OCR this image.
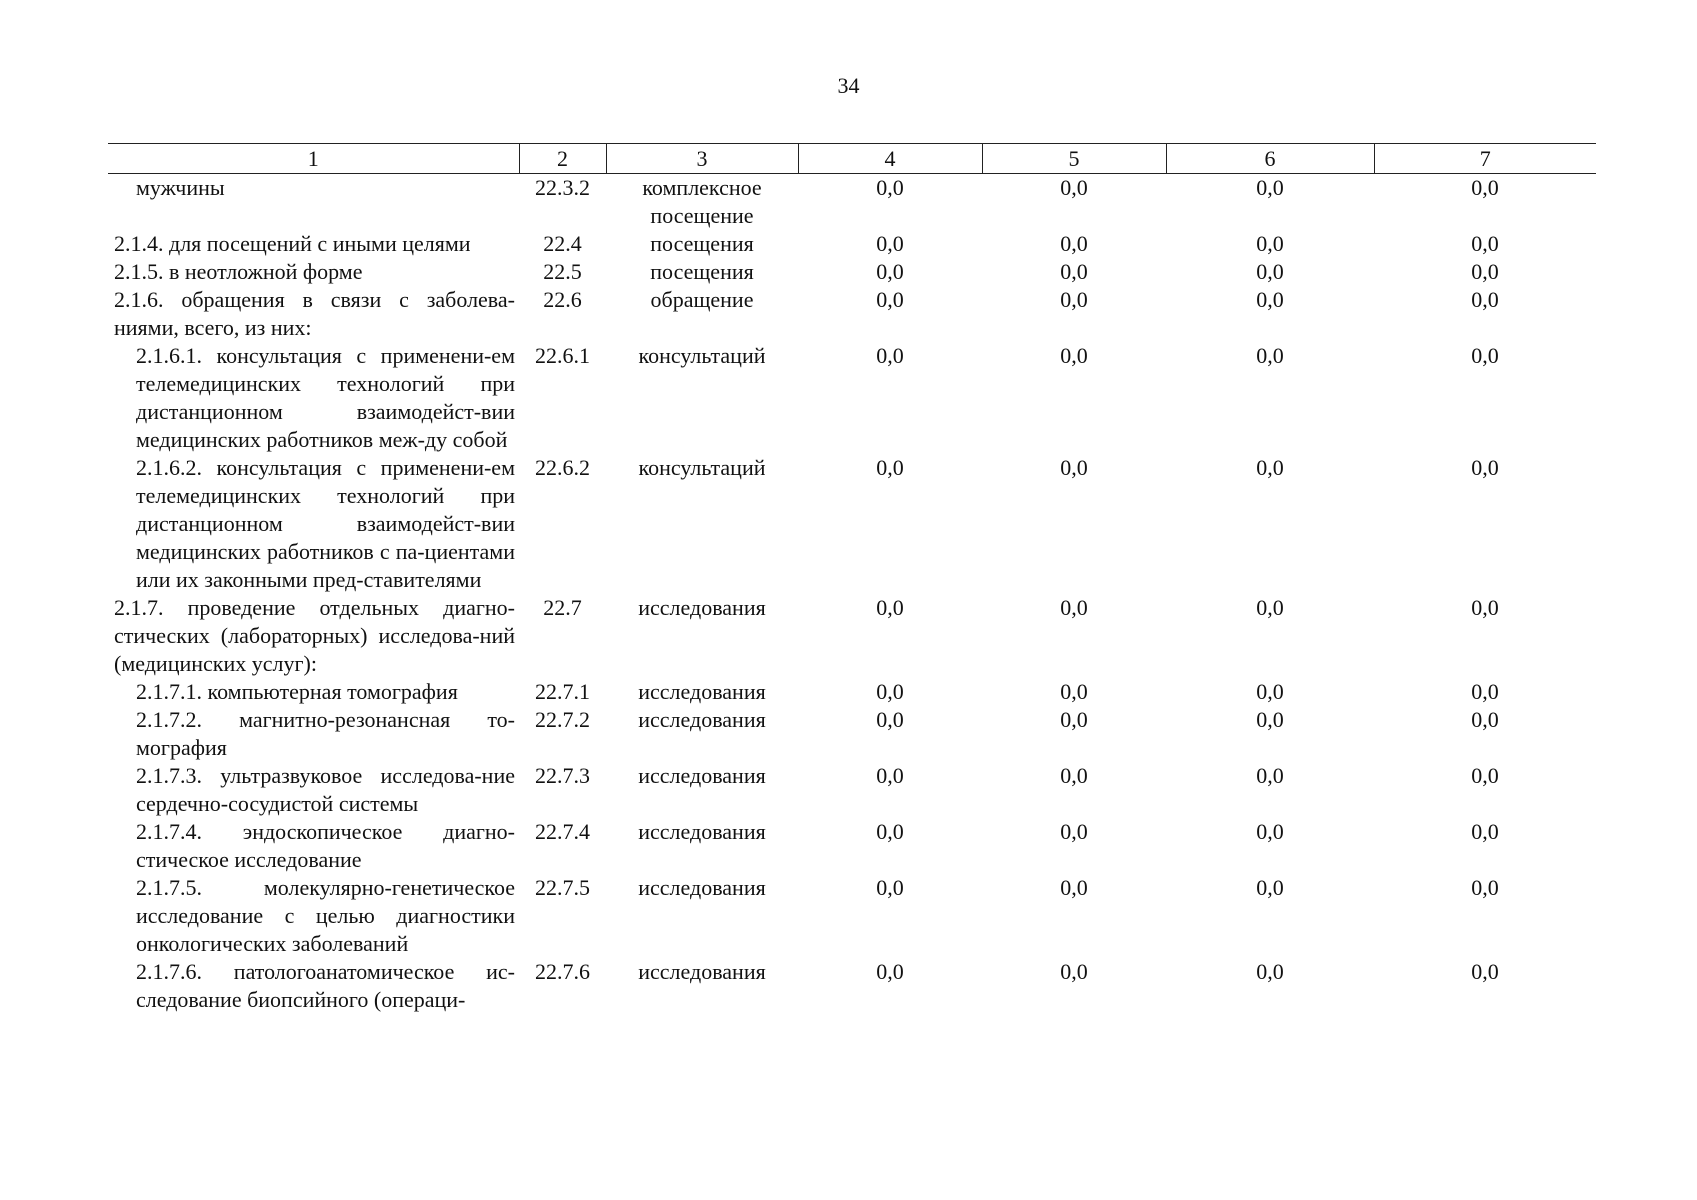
34
1	2	3	4	5	6	7
мужчины	22.3.2	комплексное посещение	0,0	0,0	0,0	0,0
2.1.4. для посещений с иными целями	22.4	посещения	0,0	0,0	0,0	0,0
2.1.5. в неотложной форме	22.5	посещения	0,0	0,0	0,0	0,0
2.1.6. обращения в связи с заболева-ниями, всего, из них:	22.6	обращение	0,0	0,0	0,0	0,0
2.1.6.1. консультация с применени-ем телемедицинских технологий при дистанционном взаимодейст-вии медицинских работников меж-ду собой	22.6.1	консультаций	0,0	0,0	0,0	0,0
2.1.6.2. консультация с применени-ем телемедицинских технологий при дистанционном взаимодейст-вии медицинских работников с па-циентами или их законными пред-ставителями	22.6.2	консультаций	0,0	0,0	0,0	0,0
2.1.7. проведение отдельных диагно-стических (лабораторных) исследова-ний (медицинских услуг):	22.7	исследования	0,0	0,0	0,0	0,0
2.1.7.1. компьютерная томография	22.7.1	исследования	0,0	0,0	0,0	0,0
2.1.7.2. магнитно-резонансная то-мография	22.7.2	исследования	0,0	0,0	0,0	0,0
2.1.7.3. ультразвуковое исследова-ние сердечно-сосудистой системы	22.7.3	исследования	0,0	0,0	0,0	0,0
2.1.7.4. эндоскопическое диагно-стическое исследование	22.7.4	исследования	0,0	0,0	0,0	0,0
2.1.7.5. молекулярно-генетическое исследование с целью диагностики онкологических заболеваний	22.7.5	исследования	0,0	0,0	0,0	0,0
2.1.7.6. патологоанатомическое ис-следование биопсийного (операци-	22.7.6	исследования	0,0	0,0	0,0	0,0
